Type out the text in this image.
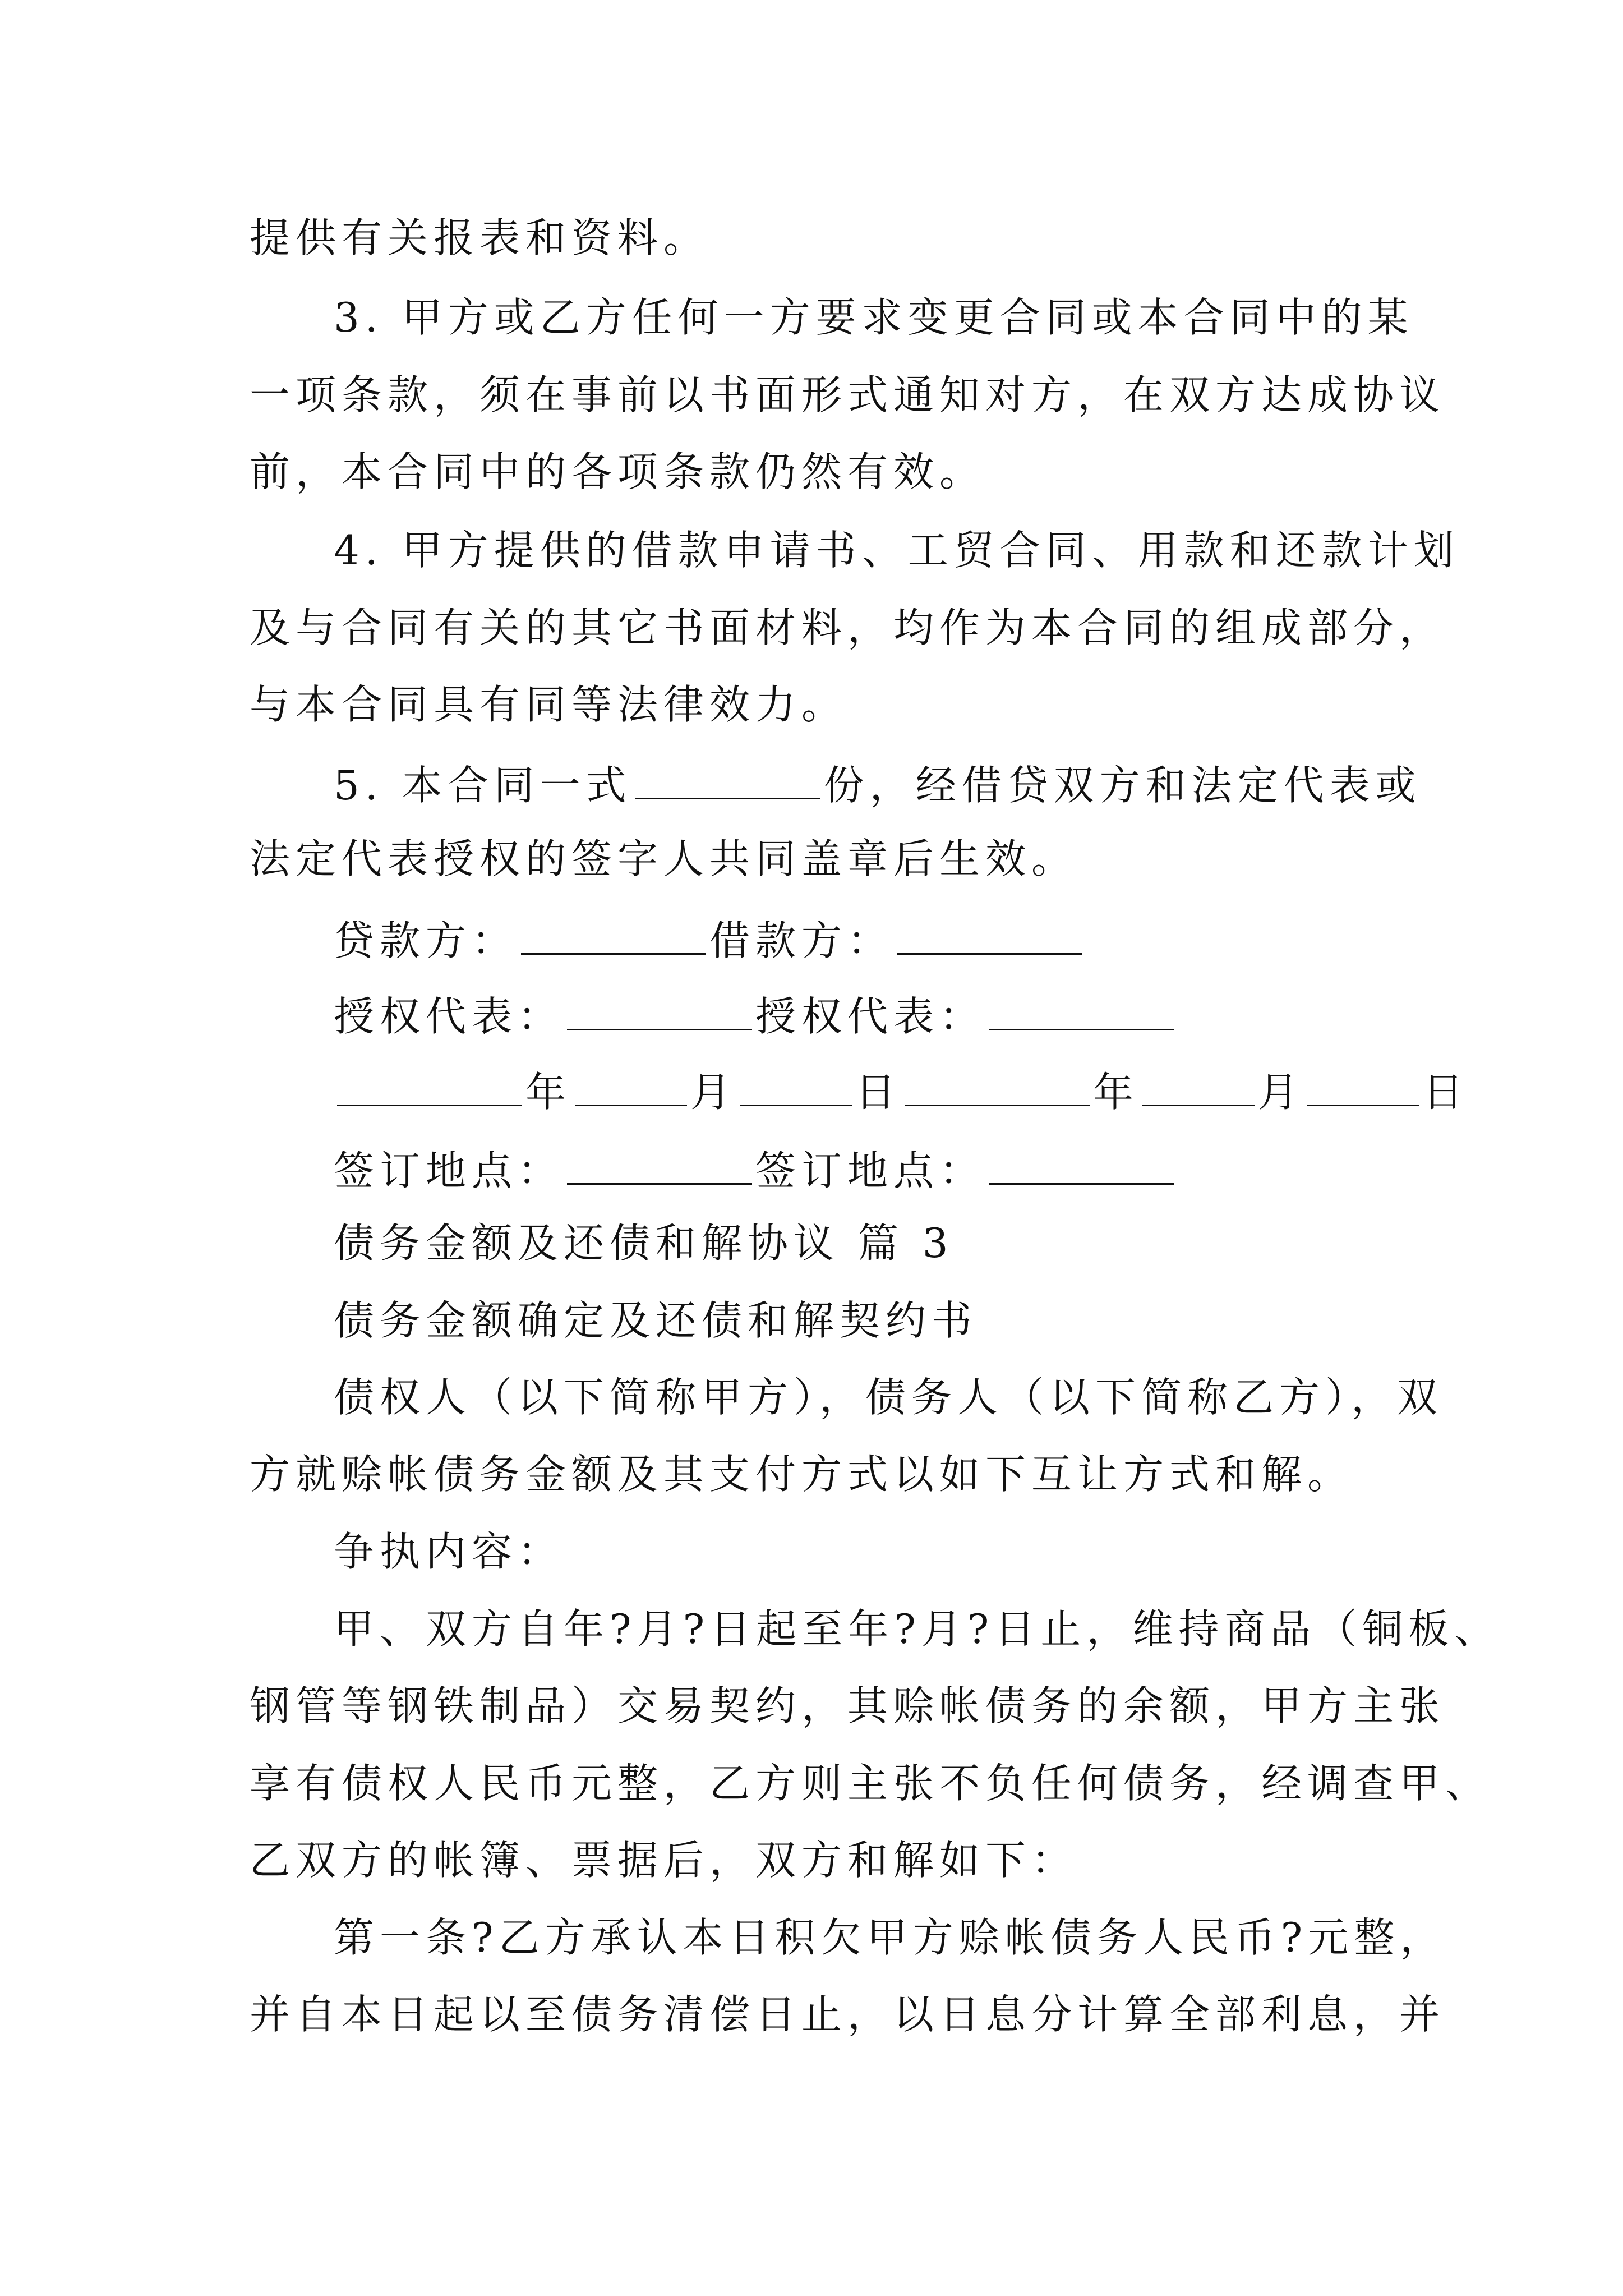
提供有关报表和资料。
3. 甲方或乙方任何一方要求变更合同或本合同中的某
一项条款，须在事前以书面形式通知对方，在双方达成协议
前，本合同中的各项条款仍然有效。
4. 甲方提供的借款申请书、工贸合同、用款和还款计划
及与合同有关的其它书面材料，均作为本合同的组成部分，
与本合同具有同等法律效力。
5. 本合同一式	份，经借贷双方和法定代表或
法定代表授权的签字人共同盖章后生效。
贷款方：	借款方：
授权代表：	授权代表：
年	月	日	年	月	日
签订地点：	签订地点：
债务金额及还债和解协议 篇 3
债务金额确定及还债和解契约书
债权人（以下简称甲方），债务人（以下简称乙方），双
方就赊帐债务金额及其支付方式以如下互让方式和解。
争执内容：
甲、双方自年?月?日起至年?月?日止，维持商品（铜板、
钢管等钢铁制品）交易契约，其赊帐债务的余额，甲方主张
享有债权人民币元整，乙方则主张不负任何债务，经调查甲、
乙双方的帐簿、票据后，双方和解如下：
第一条?乙方承认本日积欠甲方赊帐债务人民币?元整，
并自本日起以至债务清偿日止，以日息分计算全部利息，并
